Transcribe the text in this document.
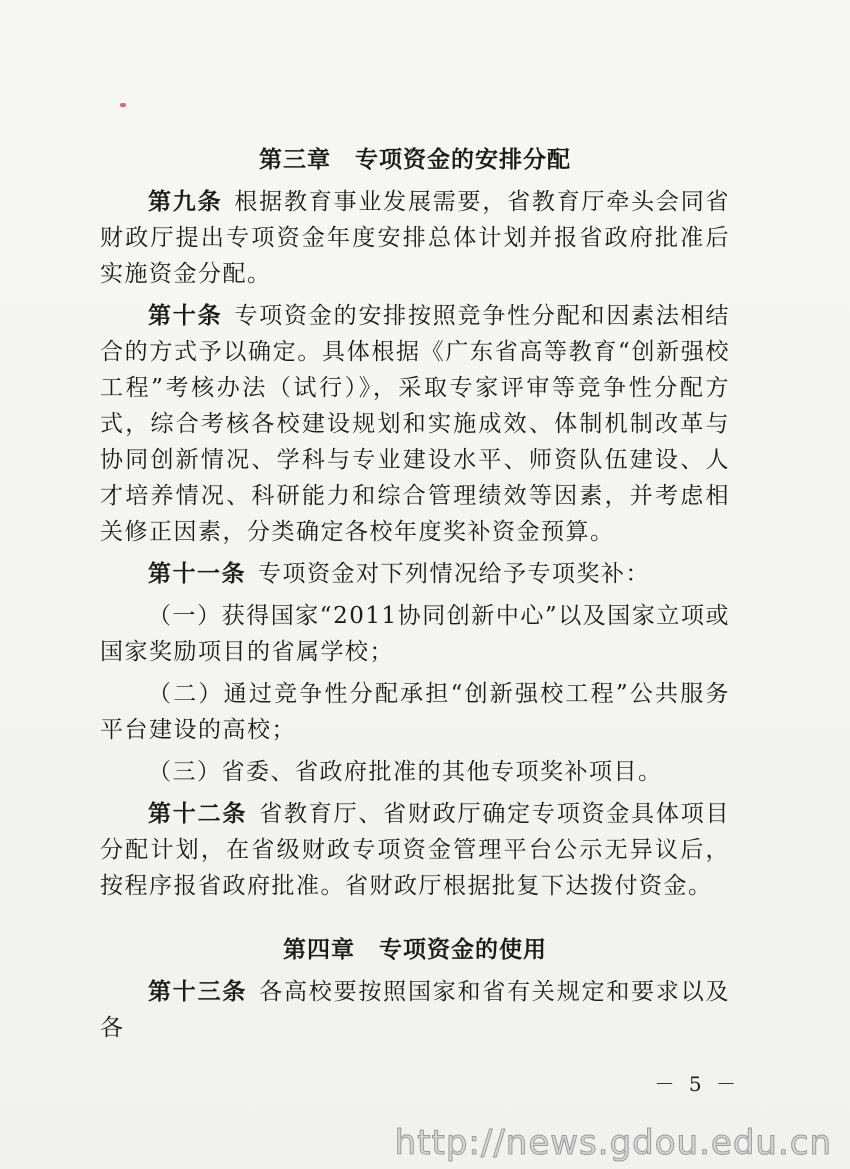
第三章　专项资金的安排分配

第九条 根据教育事业发展需要，省教育厅牵头会同省财政厅提出专项资金年度安排总体计划并报省政府批准后实施资金分配。

第十条 专项资金的安排按照竞争性分配和因素法相结合的方式予以确定。具体根据《广东省高等教育“创新强校工程”考核办法（试行）》，采取专家评审等竞争性分配方式，综合考核各校建设规划和实施成效、体制机制改革与协同创新情况、学科与专业建设水平、师资队伍建设、人才培养情况、科研能力和综合管理绩效等因素，并考虑相关修正因素，分类确定各校年度奖补资金预算。

第十一条 专项资金对下列情况给予专项奖补：

（一）获得国家“2011协同创新中心”以及国家立项或国家奖励项目的省属学校；

（二）通过竞争性分配承担“创新强校工程”公共服务平台建设的高校；

（三）省委、省政府批准的其他专项奖补项目。

第十二条 省教育厅、省财政厅确定专项资金具体项目分配计划，在省级财政专项资金管理平台公示无异议后，按程序报省政府批准。省财政厅根据批复下达拨付资金。

第四章　专项资金的使用

第十三条 各高校要按照国家和省有关规定和要求以及各

－ 5 －
http://news.gdou.edu.cn
